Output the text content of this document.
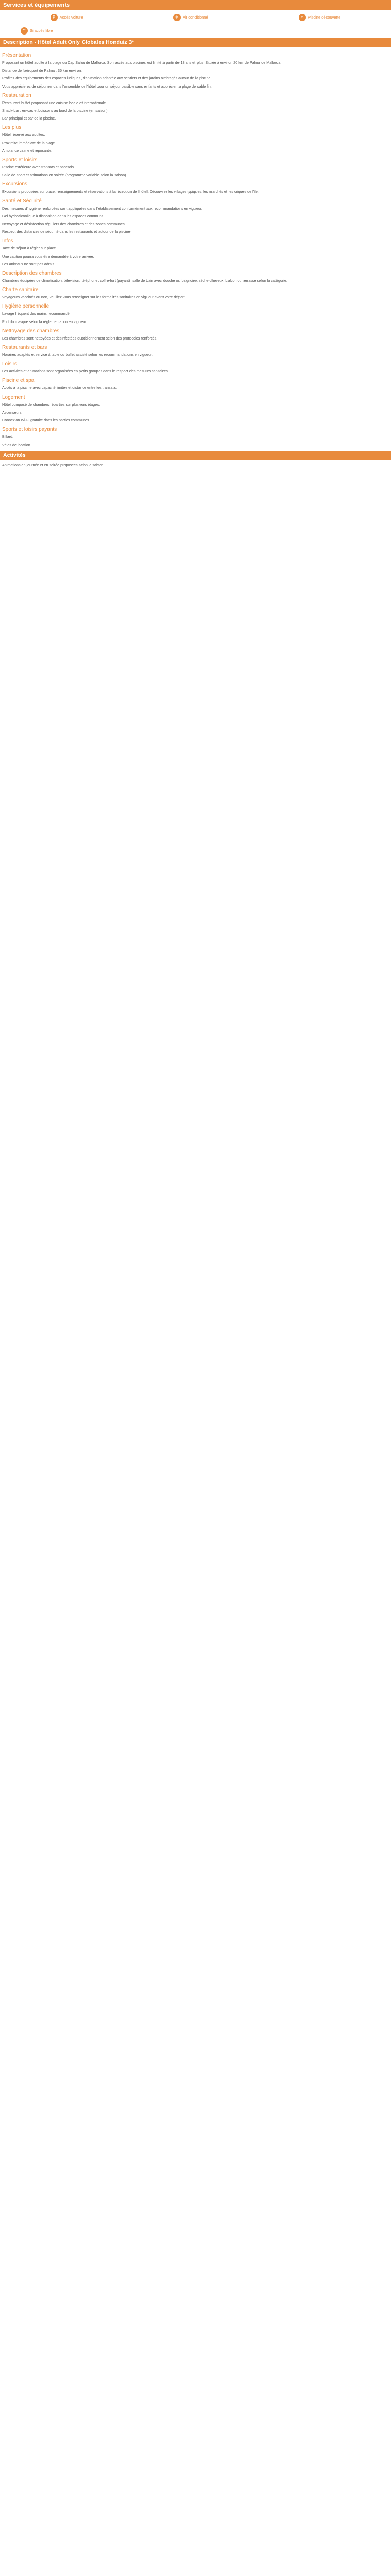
Services et équipements
P	Accès voiture	❄	Air conditionné	≈	Piscine découverte
⌔ Si accès libre
Description - Hôtel Adult Only Globales Honduiz 3*
Présentation

Proposant un hôtel adulte à la plage du Cap Salou de Mallorca. Son accès aux piscines est limité à partir de 18 ans et plus. Située à environ 20 km de Palma de Mallorca.

Distance de l'aéroport de Palma : 35 km environ.

Profitez des équipements des espaces ludiques, d'animation adaptée aux sentiers et des jardins ombragés autour de la piscine.

Vous apprécierez de séjourner dans l'ensemble de l'hôtel pour un séjour paisible sans enfants et apprécier la plage de sable fin.

Restauration

Restaurant buffet proposant une cuisine locale et internationale.

Snack-bar : en-cas et boissons au bord de la piscine (en saison).

Bar principal et bar de la piscine.

Les plus

Hôtel réservé aux adultes.

Proximité immédiate de la plage.

Ambiance calme et reposante.

Sports et loisirs

Piscine extérieure avec transats et parasols.

Salle de sport et animations en soirée (programme variable selon la saison).

Excursions

Excursions proposées sur place, renseignements et réservations à la réception de l'hôtel. Découvrez les villages typiques, les marchés et les criques de l'île.

Santé et Sécurité

Des mesures d'hygiène renforcées sont appliquées dans l'établissement conformément aux recommandations en vigueur.

Gel hydroalcoolique à disposition dans les espaces communs.

Nettoyage et désinfection réguliers des chambres et des zones communes.

Respect des distances de sécurité dans les restaurants et autour de la piscine.

Infos

Taxe de séjour à régler sur place.

Une caution pourra vous être demandée à votre arrivée.

Les animaux ne sont pas admis.

Description des chambres

Chambres équipées de climatisation, télévision, téléphone, coffre-fort (payant), salle de bain avec douche ou baignoire, sèche-cheveux, balcon ou terrasse selon la catégorie.

Charte sanitaire

Voyageurs vaccinés ou non, veuillez vous renseigner sur les formalités sanitaires en vigueur avant votre départ.

Hygiène personnelle

Lavage fréquent des mains recommandé.

Port du masque selon la réglementation en vigueur.

Nettoyage des chambres

Les chambres sont nettoyées et désinfectées quotidiennement selon des protocoles renforcés.

Restaurants et bars

Horaires adaptés et service à table ou buffet assisté selon les recommandations en vigueur.

Loisirs

Les activités et animations sont organisées en petits groupes dans le respect des mesures sanitaires.

Piscine et spa

Accès à la piscine avec capacité limitée et distance entre les transats.

Logement

Hôtel composé de chambres réparties sur plusieurs étages.

Ascenseurs.

Connexion Wi-Fi gratuite dans les parties communes.

Sports et loisirs payants

Billard.

Vélos de location.

Activités
Animations en journée et en soirée proposées selon la saison.
